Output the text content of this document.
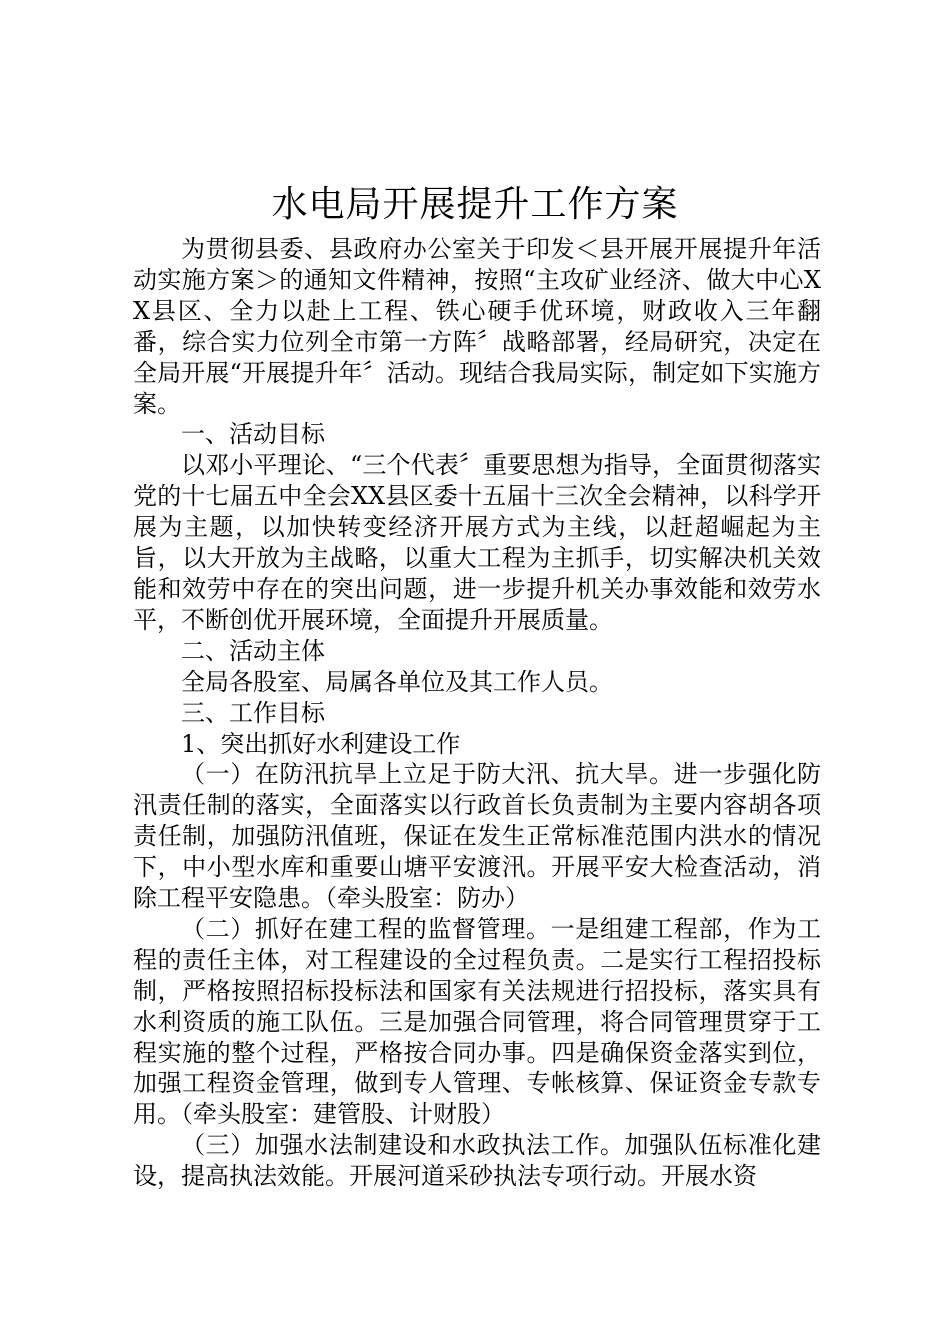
水电局开展提升工作方案

为贯彻县委、县政府办公室关于印发＜县开展开展提升年活动实施方案＞的通知文件精神，按照“主攻矿业经济、做大中心XX县区、全力以赴上工程、铁心硬手优环境，财政收入三年翻番，综合实力位列全市第一方阵〞战略部署，经局研究，决定在全局开展“开展提升年〞活动。现结合我局实际，制定如下实施方案。

一、活动目标

以邓小平理论、“三个代表〞重要思想为指导，全面贯彻落实党的十七届五中全会XX县区委十五届十三次全会精神，以科学开展为主题，以加快转变经济开展方式为主线，以赶超崛起为主旨，以大开放为主战略，以重大工程为主抓手，切实解决机关效能和效劳中存在的突出问题，进一步提升机关办事效能和效劳水平，不断创优开展环境，全面提升开展质量。

二、活动主体

全局各股室、局属各单位及其工作人员。

三、工作目标

1、突出抓好水利建设工作

（一）在防汛抗旱上立足于防大汛、抗大旱。进一步强化防汛责任制的落实，全面落实以行政首长负责制为主要内容胡各项责任制，加强防汛值班，保证在发生正常标准范围内洪水的情况下，中小型水库和重要山塘平安渡汛。开展平安大检查活动，消除工程平安隐患。（牵头股室：防办）

（二）抓好在建工程的监督管理。一是组建工程部，作为工程的责任主体，对工程建设的全过程负责。二是实行工程招投标制，严格按照招标投标法和国家有关法规进行招投标，落实具有水利资质的施工队伍。三是加强合同管理，将合同管理贯穿于工程实施的整个过程，严格按合同办事。四是确保资金落实到位，加强工程资金管理，做到专人管理、专帐核算、保证资金专款专用。（牵头股室：建管股、计财股）

（三）加强水法制建设和水政执法工作。加强队伍标准化建设，提高执法效能。开展河道采砂执法专项行动。开展水资
